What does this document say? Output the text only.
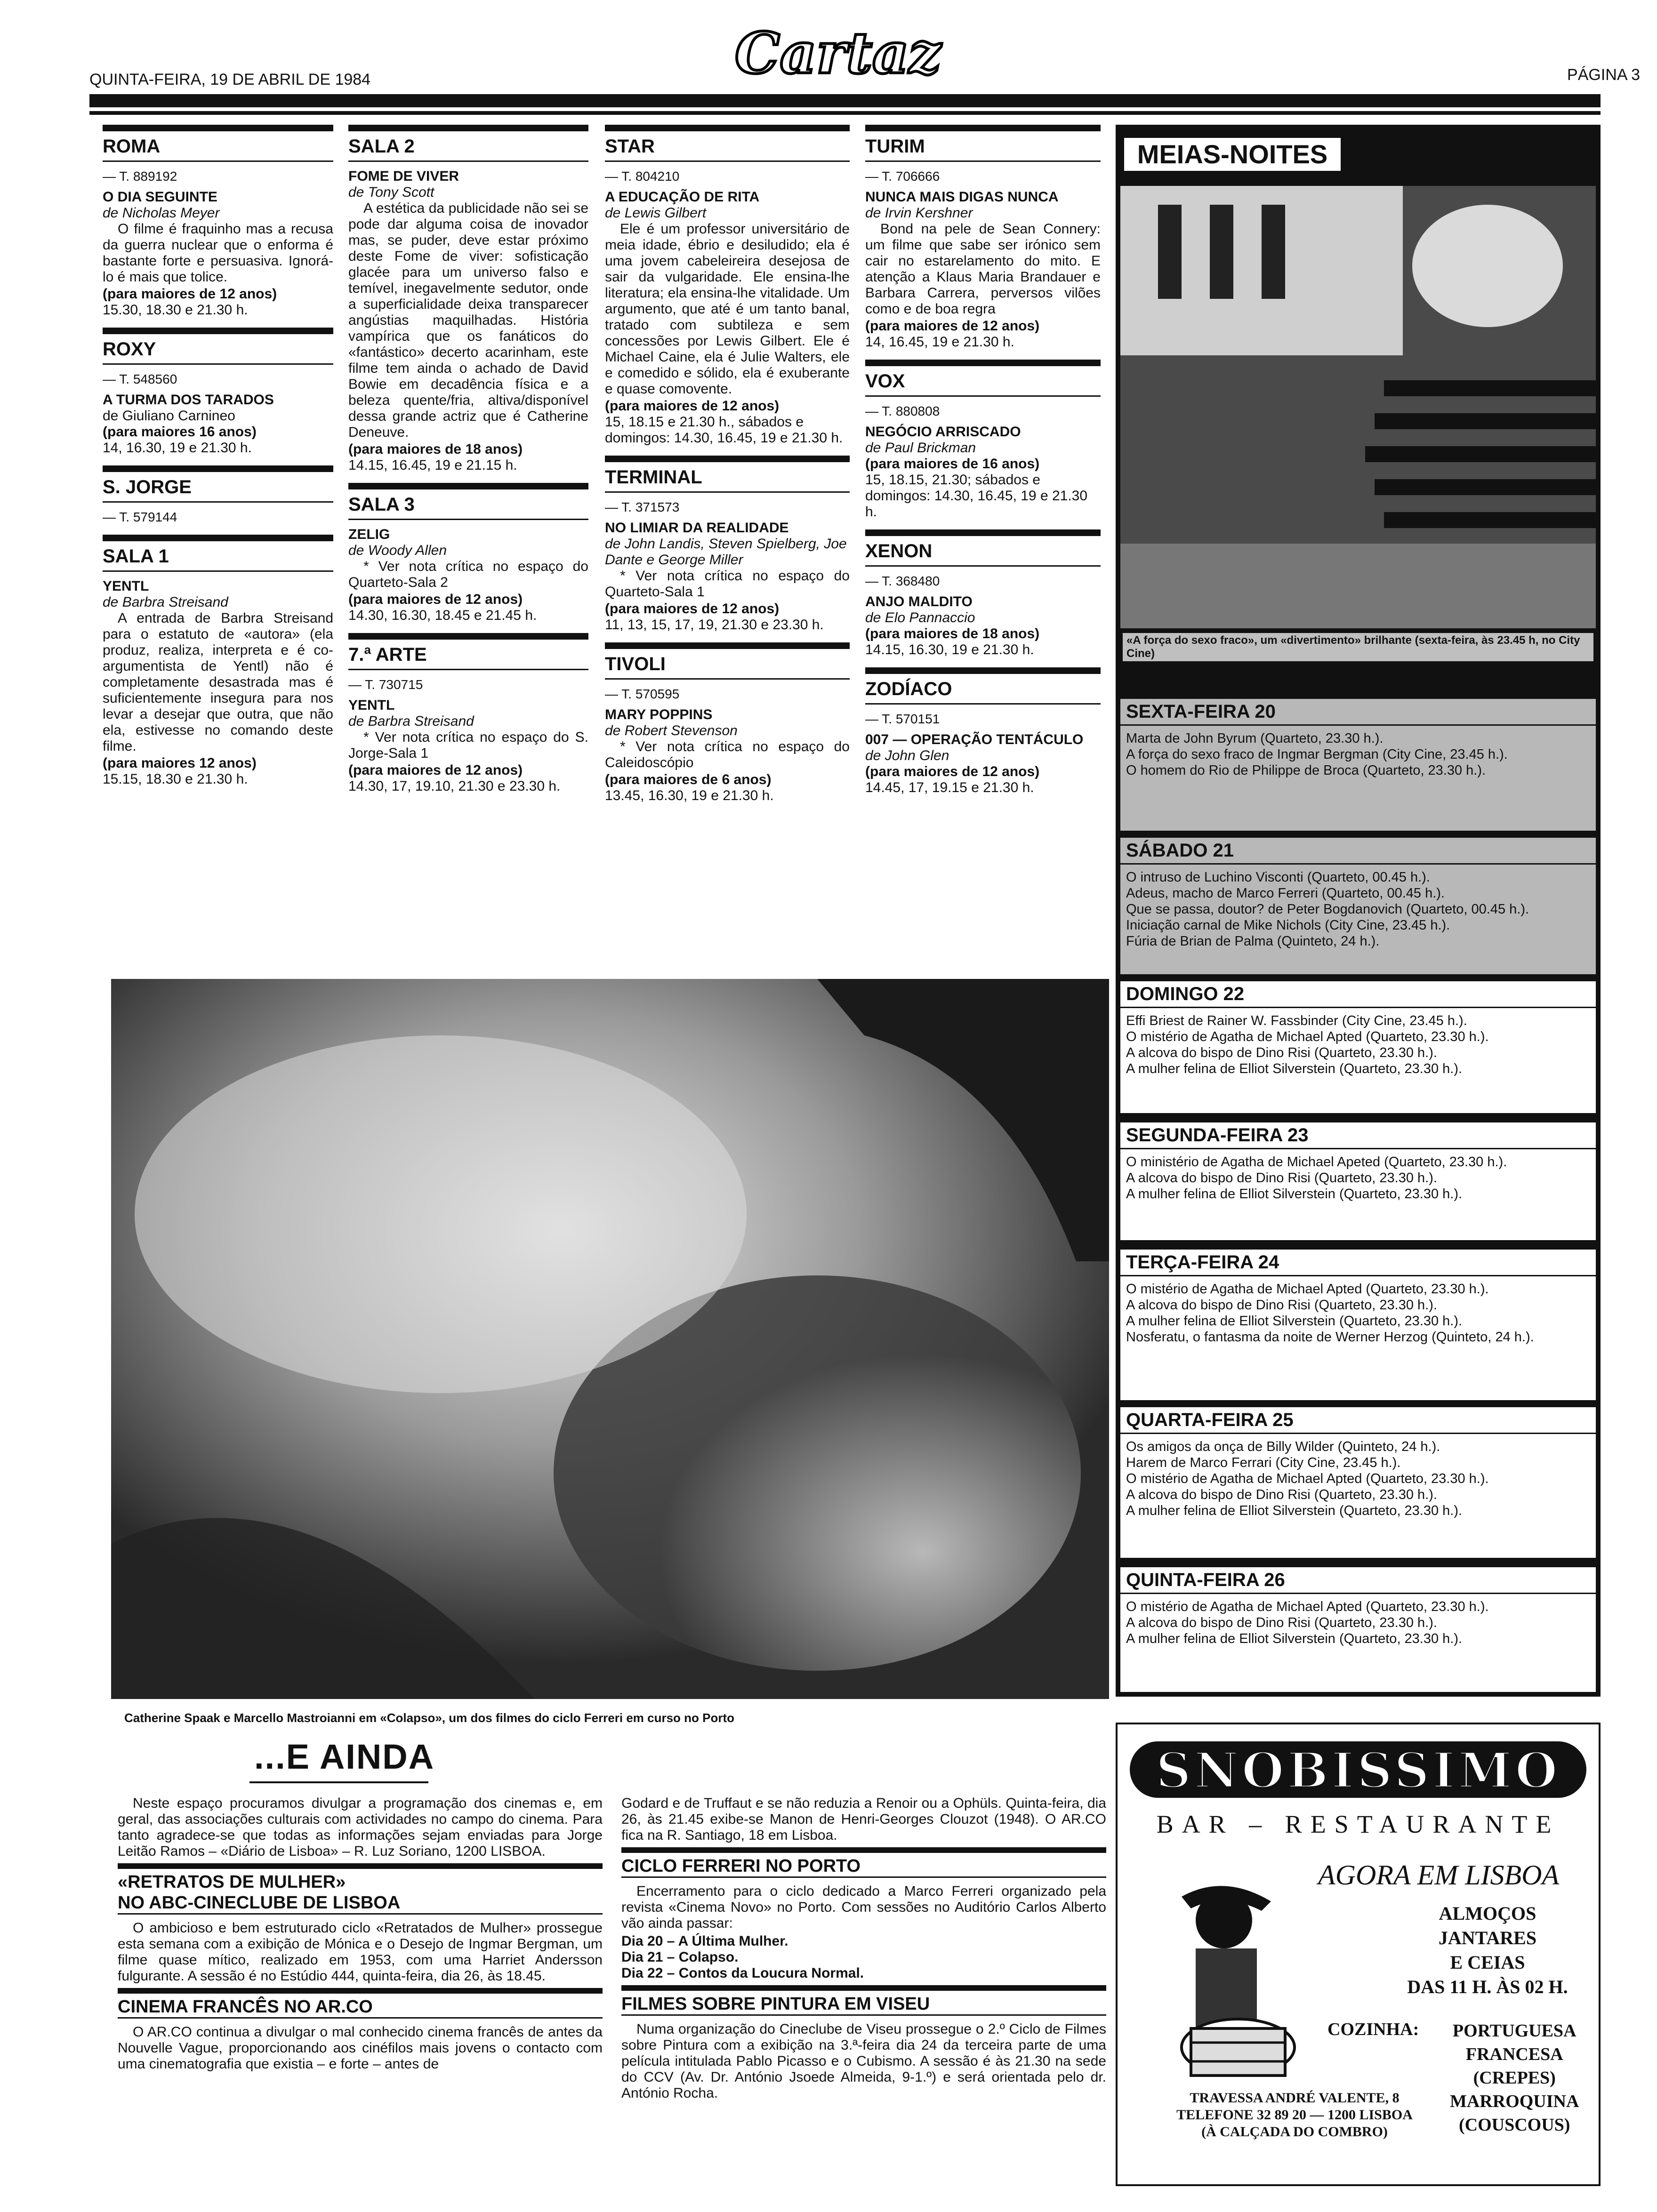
QUINTA-FEIRA, 19 DE ABRIL DE 1984	Cartaz	PÁGINA 3
ROMA
— T. 889192
O DIA SEGUINTE
de Nicholas Meyer

O filme é fraquinho mas a recusa da guerra nuclear que o enforma é bastante forte e persuasiva. Ignorá-lo é mais que tolice.

(para maiores de 12 anos)
15.30, 18.30 e 21.30 h.
ROXY
— T. 548560
A TURMA DOS TARADOS
de Giuliano Carnineo
(para maiores 16 anos)
14, 16.30, 19 e 21.30 h.
S. JORGE
— T. 579144
SALA 1
YENTL
de Barbra Streisand

A entrada de Barbra Streisand para o estatuto de «autora» (ela produz, realiza, interpreta e é co-argumentista de Yentl) não é completamente desastrada mas é suficientemente insegura para nos levar a desejar que outra, que não ela, estivesse no comando deste filme.

(para maiores 12 anos)
15.15, 18.30 e 21.30 h.
SALA 2
FOME DE VIVER
de Tony Scott

A estética da publicidade não sei se pode dar alguma coisa de inovador mas, se puder, deve estar próximo deste Fome de viver: sofisticação glacée para um universo falso e temível, inegavelmente sedutor, onde a superficialidade deixa transparecer angústias maquilhadas. História vampírica que os fanáticos do «fantástico» decerto acarinham, este filme tem ainda o achado de David Bowie em decadência física e a beleza quente/fria, altiva/disponível dessa grande actriz que é Catherine Deneuve.

(para maiores de 18 anos)
14.15, 16.45, 19 e 21.15 h.
SALA 3
ZELIG
de Woody Allen

* Ver nota crítica no espaço do Quarteto-Sala 2

(para maiores de 12 anos)
14.30, 16.30, 18.45 e 21.45 h.
7.ª ARTE
— T. 730715
YENTL
de Barbra Streisand

* Ver nota crítica no espaço do S. Jorge-Sala 1

(para maiores de 12 anos)
14.30, 17, 19.10, 21.30 e 23.30 h.
STAR
— T. 804210
A EDUCAÇÃO DE RITA
de Lewis Gilbert

Ele é um professor universitário de meia idade, ébrio e desiludido; ela é uma jovem cabeleireira desejosa de sair da vulgaridade. Ele ensina-lhe literatura; ela ensina-lhe vitalidade. Um argumento, que até é um tanto banal, tratado com subtileza e sem concessões por Lewis Gilbert. Ele é Michael Caine, ela é Julie Walters, ele e comedido e sólido, ela é exuberante e quase comovente.

(para maiores de 12 anos)
15, 18.15 e 21.30 h., sábados e domingos: 14.30, 16.45, 19 e 21.30 h.
TERMINAL
— T. 371573
NO LIMIAR DA REALIDADE
de John Landis, Steven Spielberg, Joe Dante e George Miller

* Ver nota crítica no espaço do Quarteto-Sala 1

(para maiores de 12 anos)
11, 13, 15, 17, 19, 21.30 e 23.30 h.
TIVOLI
— T. 570595
MARY POPPINS
de Robert Stevenson

* Ver nota crítica no espaço do Caleidoscópio

(para maiores de 6 anos)
13.45, 16.30, 19 e 21.30 h.
TURIM
— T. 706666
NUNCA MAIS DIGAS NUNCA
de Irvin Kershner

Bond na pele de Sean Connery: um filme que sabe ser irónico sem cair no estarelamento do mito. E atenção a Klaus Maria Brandauer e Barbara Carrera, perversos vilões como e de boa regra

(para maiores de 12 anos)
14, 16.45, 19 e 21.30 h.
VOX
— T. 880808
NEGÓCIO ARRISCADO
de Paul Brickman
(para maiores de 16 anos)
15, 18.15, 21.30; sábados e domingos: 14.30, 16.45, 19 e 21.30 h.
XENON
— T. 368480
ANJO MALDITO
de Elo Pannaccio
(para maiores de 18 anos)
14.15, 16.30, 19 e 21.30 h.
ZODÍACO
— T. 570151
007 — OPERAÇÃO TENTÁCULO
de John Glen
(para maiores de 12 anos)
14.45, 17, 19.15 e 21.30 h.
Catherine Spaak e Marcello Mastroianni em «Colapso», um dos filmes do ciclo Ferreri em curso no Porto
MEIAS-NOITES
«A força do sexo fraco», um «divertimento» brilhante (sexta-feira, às 23.45 h, no City Cine)
SEXTA-FEIRA 20

Marta de John Byrum (Quarteto, 23.30 h.).

A força do sexo fraco de Ingmar Bergman (City Cine, 23.45 h.).

O homem do Rio de Philippe de Broca (Quarteto, 23.30 h.).

SÁBADO 21

O intruso de Luchino Visconti (Quarteto, 00.45 h.).

Adeus, macho de Marco Ferreri (Quarteto, 00.45 h.).

Que se passa, doutor? de Peter Bogdanovich (Quarteto, 00.45 h.).

Iniciação carnal de Mike Nichols (City Cine, 23.45 h.).

Fúria de Brian de Palma (Quinteto, 24 h.).

DOMINGO 22

Effi Briest de Rainer W. Fassbinder (City Cine, 23.45 h.).

O mistério de Agatha de Michael Apted (Quarteto, 23.30 h.).

A alcova do bispo de Dino Risi (Quarteto, 23.30 h.).

A mulher felina de Elliot Silverstein (Quarteto, 23.30 h.).

SEGUNDA-FEIRA 23

O ministério de Agatha de Michael Apeted (Quarteto, 23.30 h.).

A alcova do bispo de Dino Risi (Quarteto, 23.30 h.).

A mulher felina de Elliot Silverstein (Quarteto, 23.30 h.).

TERÇA-FEIRA 24

O mistério de Agatha de Michael Apted (Quarteto, 23.30 h.).

A alcova do bispo de Dino Risi (Quarteto, 23.30 h.).

A mulher felina de Elliot Silverstein (Quarteto, 23.30 h.).

Nosferatu, o fantasma da noite de Werner Herzog (Quinteto, 24 h.).

QUARTA-FEIRA 25

Os amigos da onça de Billy Wilder (Quinteto, 24 h.).

Harem de Marco Ferrari (City Cine, 23.45 h.).

O mistério de Agatha de Michael Apted (Quarteto, 23.30 h.).

A alcova do bispo de Dino Risi (Quarteto, 23.30 h.).

A mulher felina de Elliot Silverstein (Quarteto, 23.30 h.).

QUINTA-FEIRA 26

O mistério de Agatha de Michael Apted (Quarteto, 23.30 h.).

A alcova do bispo de Dino Risi (Quarteto, 23.30 h.).

A mulher felina de Elliot Silverstein (Quarteto, 23.30 h.).

...E AINDA

Neste espaço procuramos divulgar a programação dos cinemas e, em geral, das associações culturais com actividades no campo do cinema. Para tanto agradece-se que todas as informações sejam enviadas para Jorge Leitão Ramos – «Diário de Lisboa» – R. Luz Soriano, 1200 LISBOA.

«RETRATOS DE MULHER»
NO ABC-CINECLUBE DE LISBOA

O ambicioso e bem estruturado ciclo «Retratados de Mulher» prossegue esta semana com a exibição de Mónica e o Desejo de Ingmar Bergman, um filme quase mítico, realizado em 1953, com uma Harriet Andersson fulgurante. A sessão é no Estúdio 444, quinta-feira, dia 26, às 18.45.

CINEMA FRANCÊS NO AR.CO

O AR.CO continua a divulgar o mal conhecido cinema francês de antes da Nouvelle Vague, proporcionando aos cinéfilos mais jovens o contacto com uma cinematografia que existia – e forte – antes de

Godard e de Truffaut e se não reduzia a Renoir ou a Ophüls. Quinta-feira, dia 26, às 21.45 exibe-se Manon de Henri-Georges Clouzot (1948). O AR.CO fica na R. Santiago, 18 em Lisboa.

CICLO FERRERI NO PORTO

Encerramento para o ciclo dedicado a Marco Ferreri organizado pela revista «Cinema Novo» no Porto. Com sessões no Auditório Carlos Alberto vão ainda passar:

Dia 20 – A Última Mulher.
Dia 21 – Colapso.
Dia 22 – Contos da Loucura Normal.
FILMES SOBRE PINTURA EM VISEU

Numa organização do Cineclube de Viseu prossegue o 2.º Ciclo de Filmes sobre Pintura com a exibição na 3.ª-feira dia 24 da terceira parte de uma película intitulada Pablo Picasso e o Cubismo. A sessão é às 21.30 na sede do CCV (Av. Dr. António Jsoede Almeida, 9-1.º) e será orientada pelo dr. António Rocha.

SNOBISSIMO
BAR – RESTAURANTE
AGORA EM LISBOA
ALMOÇOS
JANTARES
E CEIAS
DAS 11 H. ÀS 02 H.
COZINHA: PORTUGUESA
FRANCESA
(CREPES)
MARROQUINA
(COUSCOUS)
TRAVESSA ANDRÉ VALENTE, 8
TELEFONE 32 89 20 — 1200 LISBOA
(À CALÇADA DO COMBRO)
